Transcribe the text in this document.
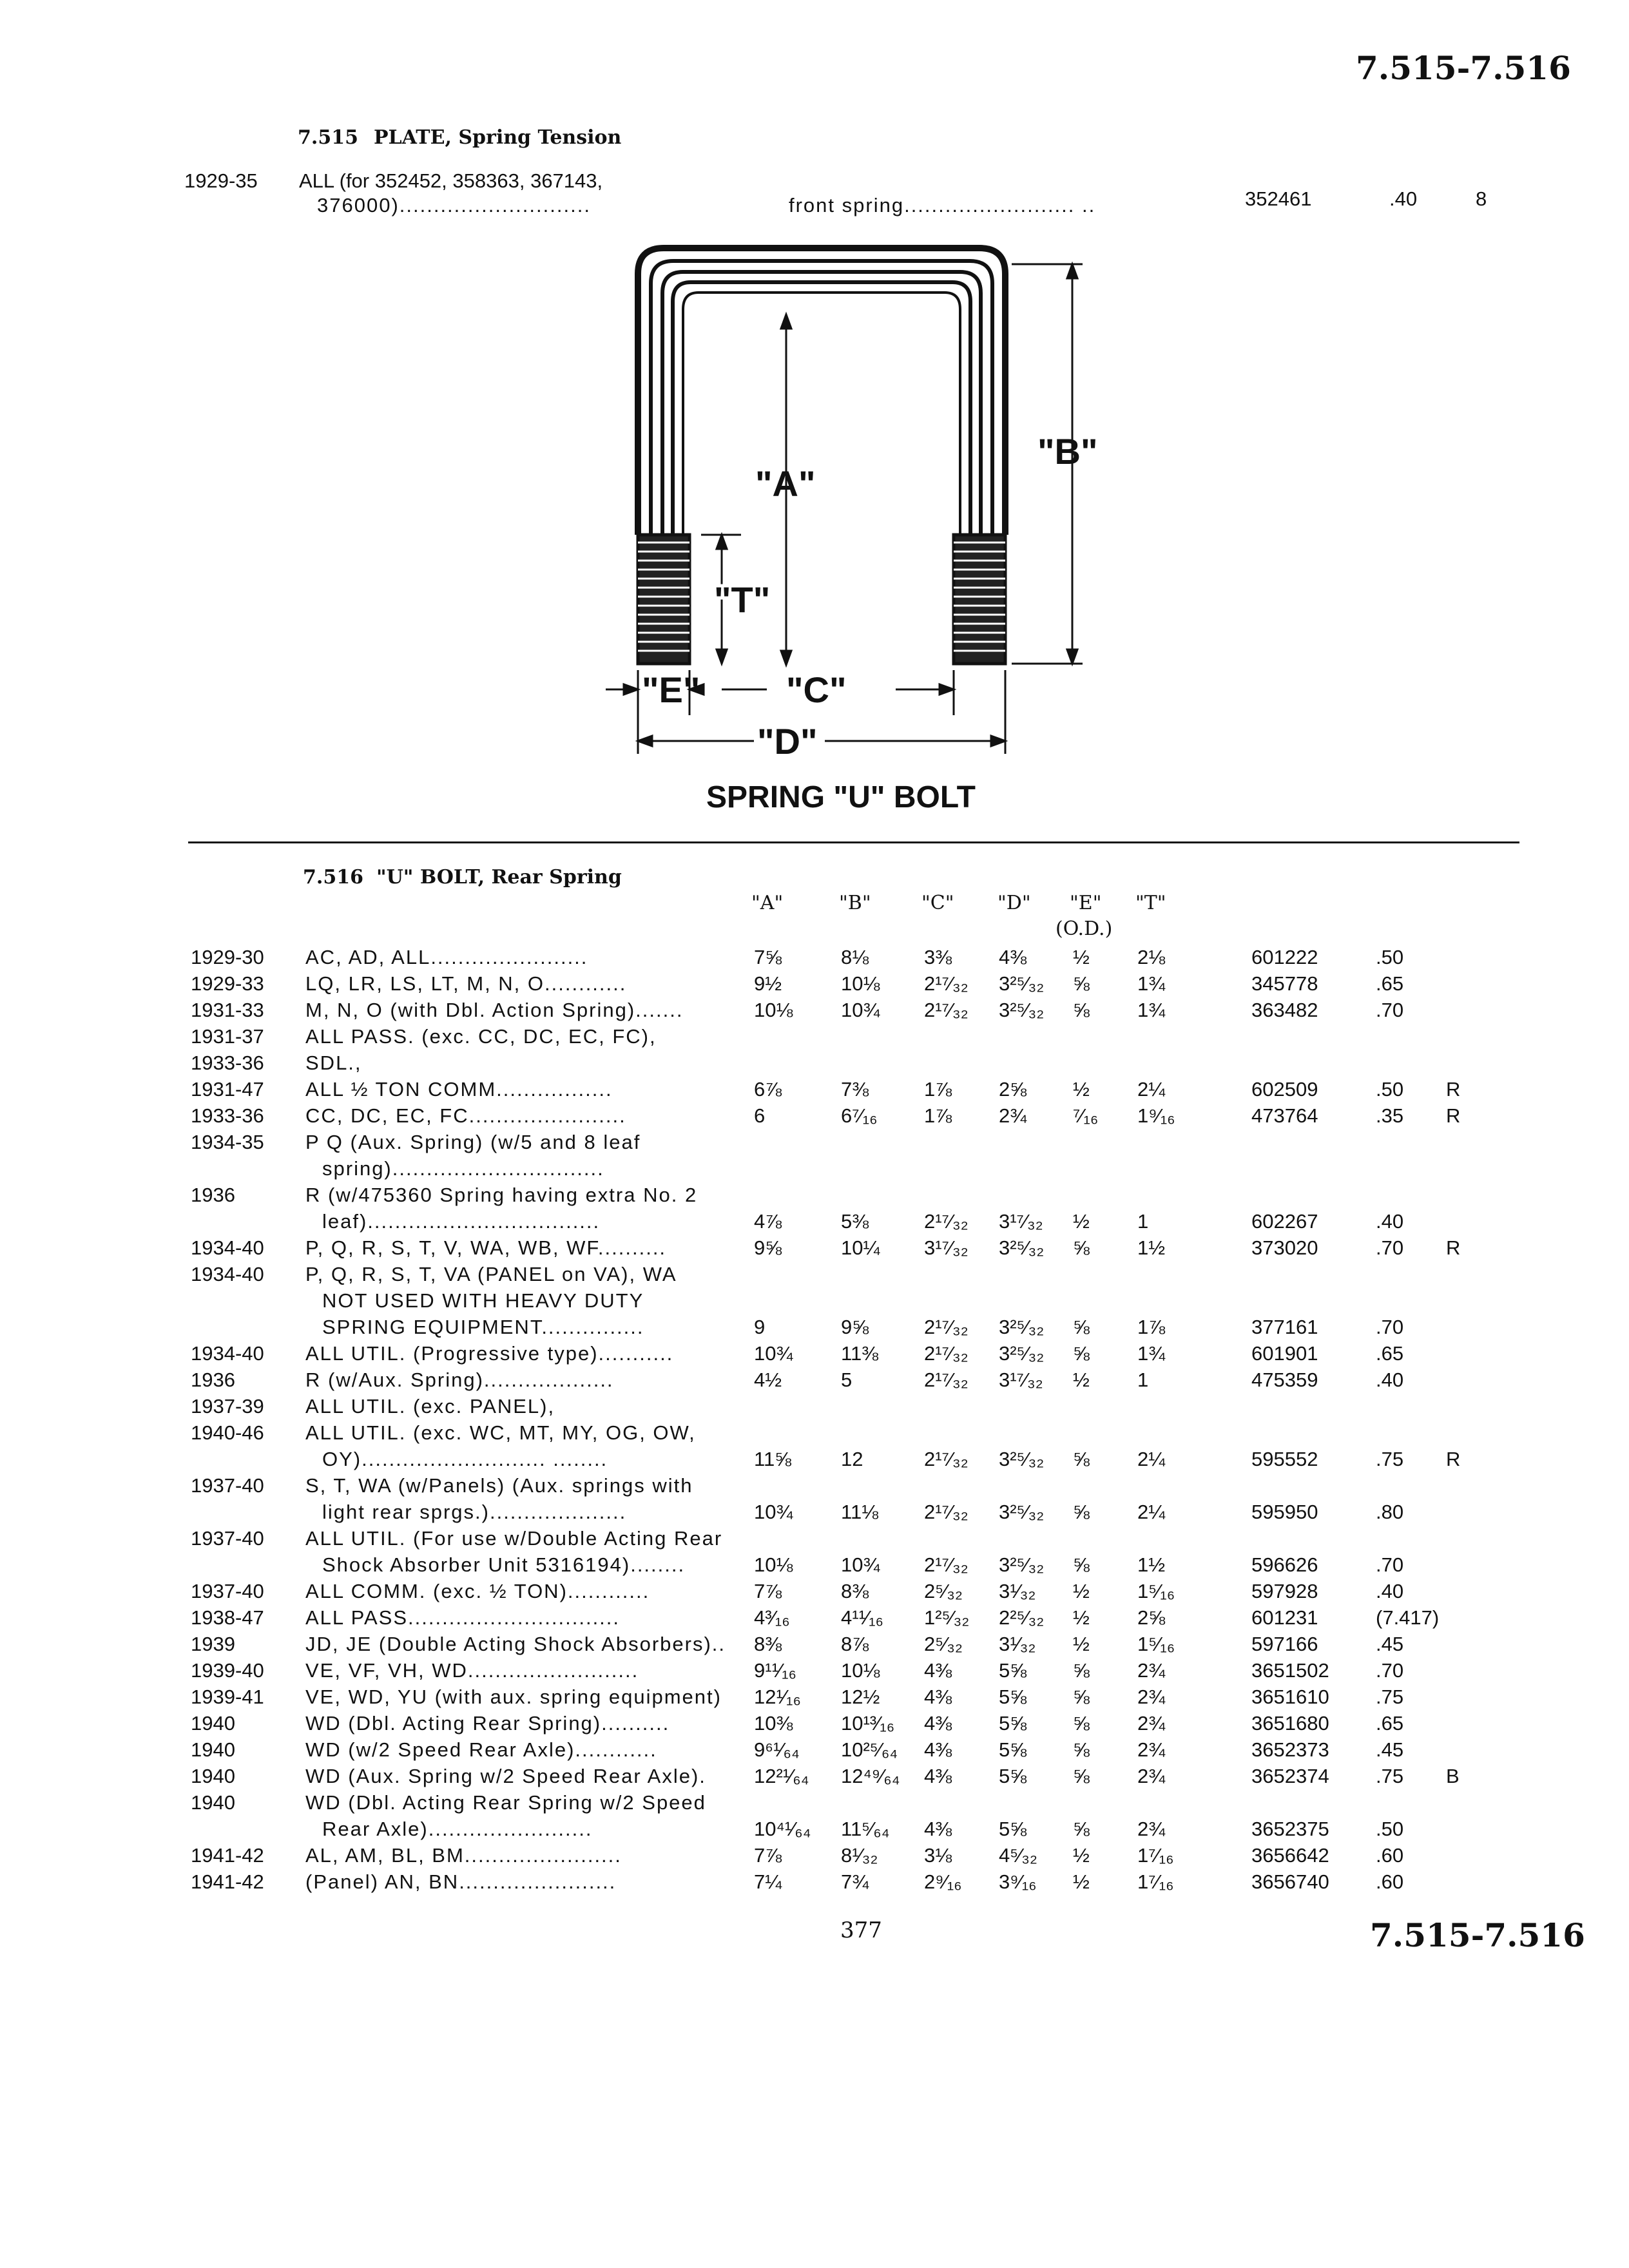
7.515-7.516
7.515 PLATE, Spring Tension
1929-35 ALL (for 352452, 358363, 367143,
376000)............................	front spring......................... ..	352461	.40	8
"A"
"B"
"T"
"C"
"D"
"E"
SPRING "U" BOLT
7.516 "U" BOLT, Rear Spring
"A"	"B"	"C" "D" "E" "T"
(O.D.)
1929-30 AC, AD, ALL.......................	7⅝	8⅛	3⅜ 4⅜ ½ 2⅛	601222	.50
1929-33 LQ, LR, LS, LT, M, N, O............	9½	10⅛ 2¹⁷⁄₃₂ 3²⁵⁄₃₂ ⅝ 1¾	345778	.65
1931-33 M, N, O (with Dbl. Action Spring).......	10⅛ 10¾ 2¹⁷⁄₃₂ 3²⁵⁄₃₂ ⅝ 1¾	363482	.70
1931-37 ALL PASS. (exc. CC, DC, EC, FC),
1933-36 SDL.,
1931-47 ALL ½ TON COMM.................	6⅞	7⅜	1⅞ 2⅝ ½ 2¼	602509	.50 R
1933-36 CC, DC, EC, FC.......................	6	6⁷⁄₁₆ 1⅞ 2¾ ⁷⁄₁₆ 1⁹⁄₁₆	473764	.35 R
1934-35 P Q (Aux. Spring) (w/5 and 8 leaf
spring)...............................
1936	R (w/475360 Spring having extra No. 2
leaf)..................................	4⅞	5⅜	2¹⁷⁄₃₂ 3¹⁷⁄₃₂ ½ 1	602267	.40
1934-40 P, Q, R, S, T, V, WA, WB, WF..........	9⅝	10¼ 3¹⁷⁄₃₂ 3²⁵⁄₃₂ ⅝ 1½	373020	.70 R
1934-40 P, Q, R, S, T, VA (PANEL on VA), WA
NOT USED WITH HEAVY DUTY
SPRING EQUIPMENT...............	9	9⅝	2¹⁷⁄₃₂ 3²⁵⁄₃₂ ⅝ 1⅞	377161	.70
1934-40 ALL UTIL. (Progressive type)...........	10¾ 11⅜ 2¹⁷⁄₃₂ 3²⁵⁄₃₂ ⅝ 1¾	601901	.65
1936	R (w/Aux. Spring)...................	4½	5	2¹⁷⁄₃₂ 3¹⁷⁄₃₂ ½ 1	475359	.40
1937-39 ALL UTIL. (exc. PANEL),
1940-46 ALL UTIL. (exc. WC, MT, MY, OG, OW,
OY)........................... ........	11⅝ 12	2¹⁷⁄₃₂ 3²⁵⁄₃₂ ⅝ 2¼	595552	.75 R
1937-40 S, T, WA (w/Panels) (Aux. springs with
light rear sprgs.)....................	10¾ 11⅛ 2¹⁷⁄₃₂ 3²⁵⁄₃₂ ⅝ 2¼	595950	.80
1937-40 ALL UTIL. (For use w/Double Acting Rear
Shock Absorber Unit 5316194)........	10⅛ 10¾ 2¹⁷⁄₃₂ 3²⁵⁄₃₂ ⅝ 1½	596626	.70
1937-40 ALL COMM. (exc. ½ TON)............	7⅞	8⅜	2⁵⁄₃₂ 3¹⁄₃₂ ½ 1⁵⁄₁₆	597928	.40
1938-47 ALL PASS...............................	4³⁄₁₆	4¹¹⁄₁₆ 1²⁵⁄₃₂ 2²⁵⁄₃₂ ½ 2⅝	601231	(7.417)
1939	JD, JE (Double Acting Shock Absorbers).. 8⅜	8⅞	2⁵⁄₃₂ 3¹⁄₃₂ ½ 1⁵⁄₁₆	597166	.45
1939-40 VE, VF, VH, WD.........................	9¹¹⁄₁₆ 10⅛ 4⅜ 5⅝ ⅝ 2¾	3651502 .70
1939-41 VE, WD, YU (with aux. spring equipment) 12¹⁄₁₆ 12½ 4⅜ 5⅝ ⅝ 2¾	3651610 .75
1940	WD (Dbl. Acting Rear Spring)..........	10⅜ 10¹³⁄₁₆ 4⅜ 5⅝ ⅝ 2¾	3651680 .65
1940	WD (w/2 Speed Rear Axle)............	9⁶¹⁄₆₄ 10²⁵⁄₆₄ 4⅜ 5⅝ ⅝ 2¾	3652373 .45
1940	WD (Aux. Spring w/2 Speed Rear Axle). 12²¹⁄₆₄ 12⁴⁹⁄₆₄ 4⅜ 5⅝ ⅝ 2¾	3652374 .75 B
1940	WD (Dbl. Acting Rear Spring w/2 Speed
Rear Axle)........................	10⁴¹⁄₆₄ 11⁵⁄₆₄ 4⅜ 5⅝ ⅝ 2¾	3652375 .50
1941-42 AL, AM, BL, BM.......................	7⅞	8¹⁄₃₂ 3⅛ 4⁵⁄₃₂ ½ 1⁷⁄₁₆	3656642 .60
1941-42 (Panel) AN, BN.......................	7¼	7¾	2⁹⁄₁₆ 3⁹⁄₁₆ ½ 1⁷⁄₁₆	3656740 .60
377	7.515-7.516
